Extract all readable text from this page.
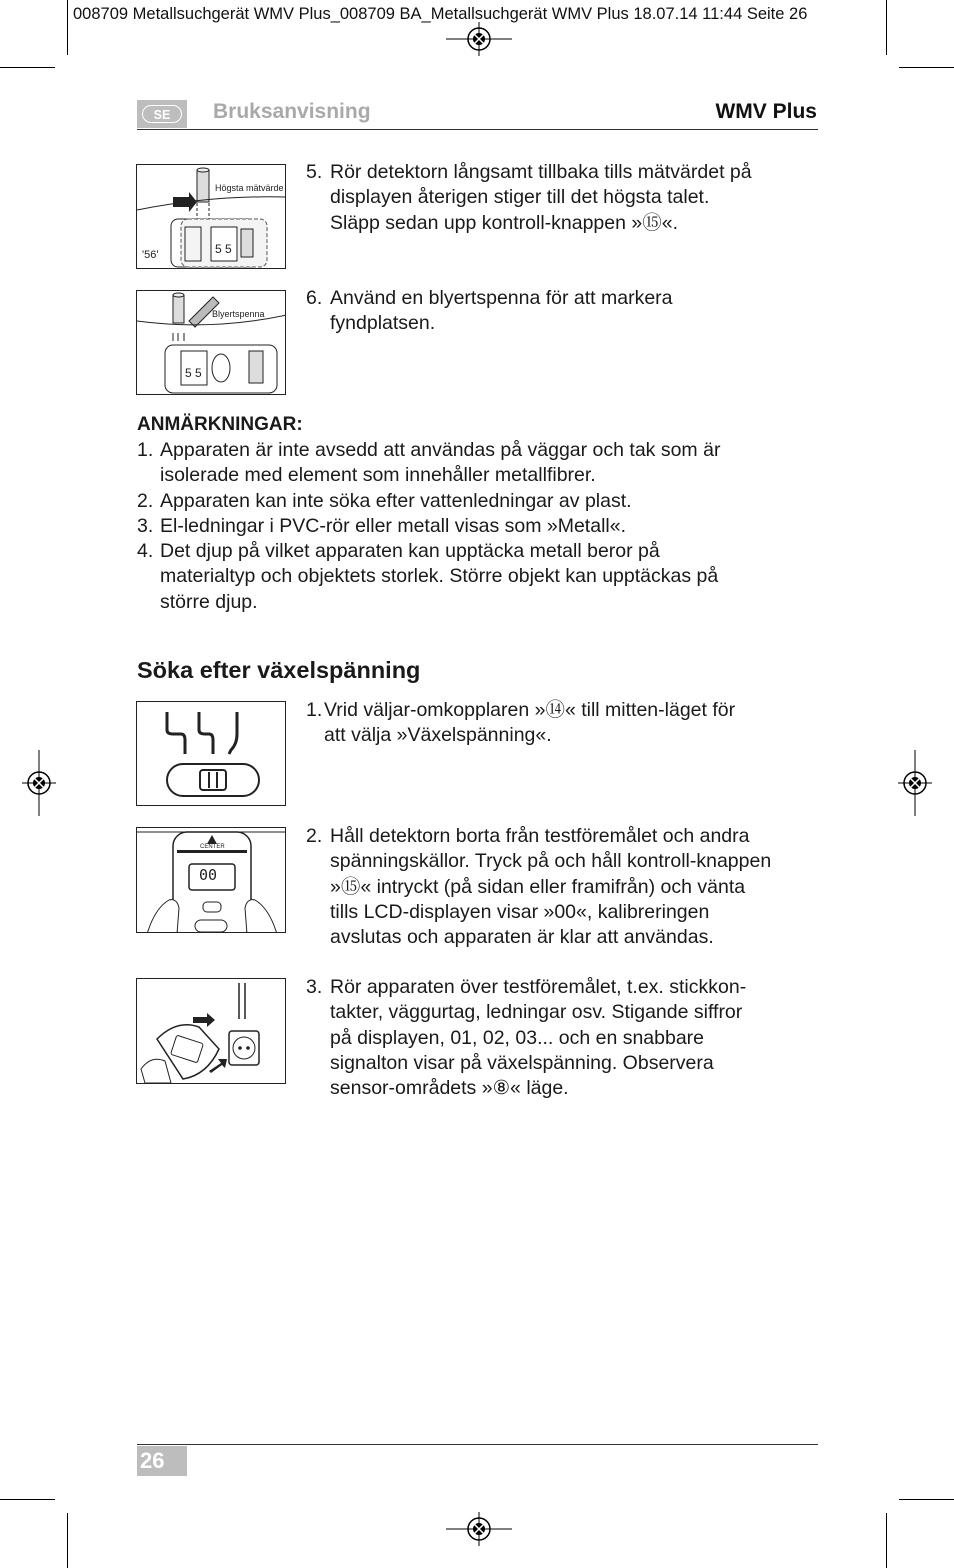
008709 Metallsuchgerät WMV Plus_008709 BA_Metallsuchgerät WMV Plus 18.07.14 11:44 Seite 26
SE	Bruksanvisning	WMV Plus
5 5
Högsta mätvärde
'56'
5. Rör detektorn långsamt tillbaka tills mätvärdet på
displayen återigen stiger till det högsta talet.
Släpp sedan upp kontroll-knappen »⑮«.
5 5
Blyertspenna
6. Använd en blyertspenna för att markera
fyndplatsen.
ANMÄRKNINGAR:
1. Apparaten är inte avsedd att användas på väggar och tak som är
isolerade med element som innehåller metallfibrer.
2. Apparaten kan inte söka efter vattenledningar av plast.
3. El-ledningar i PVC-rör eller metall visas som »Metall«.
4. Det djup på vilket apparaten kan upptäcka metall beror på
materialtyp och objektets storlek. Större objekt kan upptäckas på
större djup.
Söka efter växelspänning
1. Vrid väljar-omkopplaren »⑭« till mitten-läget för
att välja »Växelspänning«.
00
CENTER	2. Håll detektorn borta från testföremålet och andra
spänningskällor. Tryck på och håll kontroll-knappen
»⑮« intryckt (på sidan eller framifrån) och vänta
tills LCD-displayen visar »00«, kalibreringen
avslutas och apparaten är klar att användas.
3. Rör apparaten över testföremålet, t.ex. stickkon-
takter, väggurtag, ledningar osv. Stigande siffror
på displayen, 01, 02, 03... och en snabbare
signalton visar på växelspänning. Observera
sensor-områdets »⑧« läge.
26
